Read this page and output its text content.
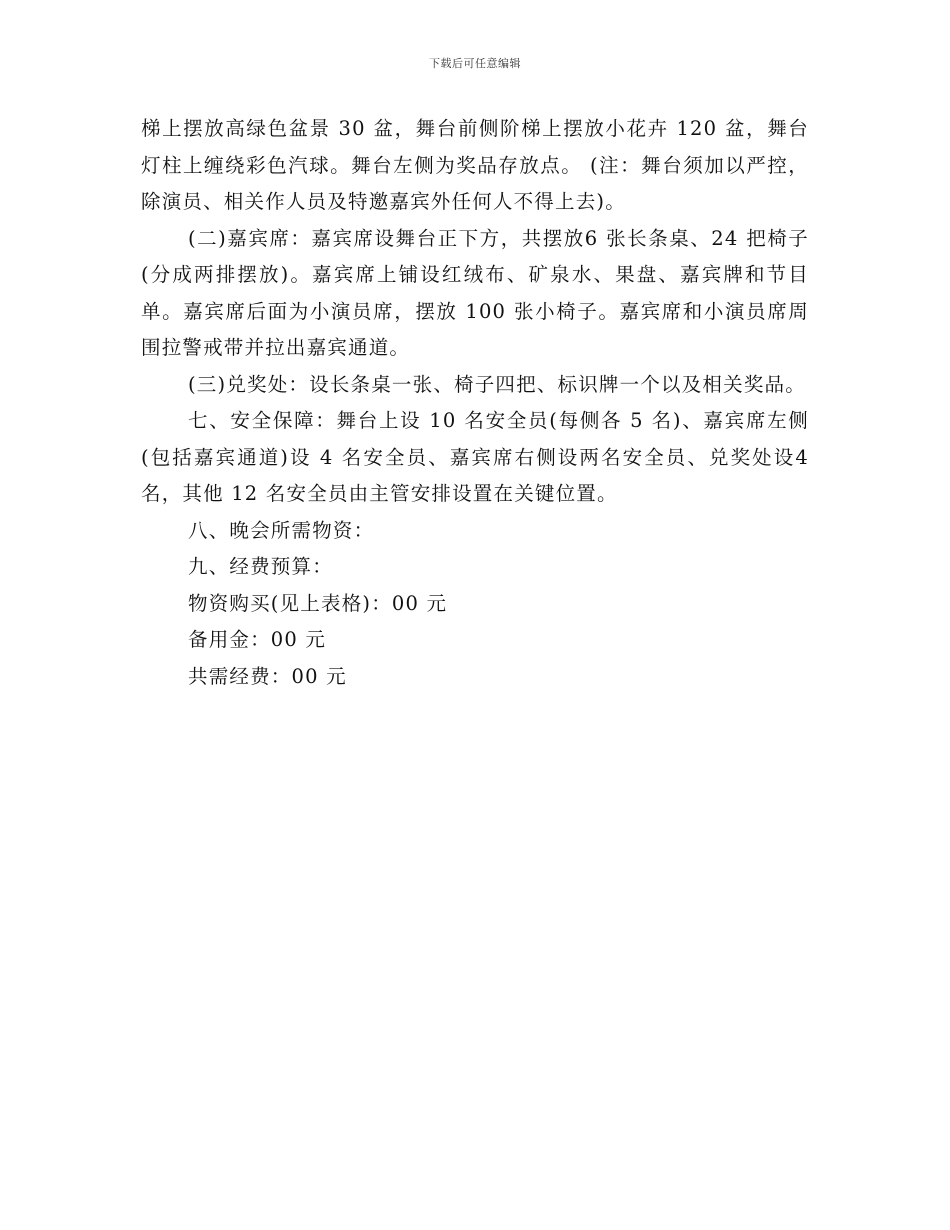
下载后可任意编辑

梯上摆放高绿色盆景 30 盆，舞台前侧阶梯上摆放小花卉 120 盆，舞台灯柱上缠绕彩色汽球。舞台左侧为奖品存放点。 (注：舞台须加以严控，除演员、相关作人员及特邀嘉宾外任何人不得上去)。

(二)嘉宾席：嘉宾席设舞台正下方，共摆放6 张长条桌、24 把椅子(分成两排摆放)。嘉宾席上铺设红绒布、矿泉水、果盘、嘉宾牌和节目单。嘉宾席后面为小演员席，摆放 100 张小椅子。嘉宾席和小演员席周围拉警戒带并拉出嘉宾通道。

(三)兑奖处：设长条桌一张、椅子四把、标识牌一个以及相关奖品。

七、安全保障：舞台上设 10 名安全员(每侧各 5 名)、嘉宾席左侧(包括嘉宾通道)设 4 名安全员、嘉宾席右侧设两名安全员、兑奖处设4 名，其他 12 名安全员由主管安排设置在关键位置。

八、晚会所需物资：

九、经费预算：

物资购买(见上表格)：00 元

备用金：00 元

共需经费：00 元
